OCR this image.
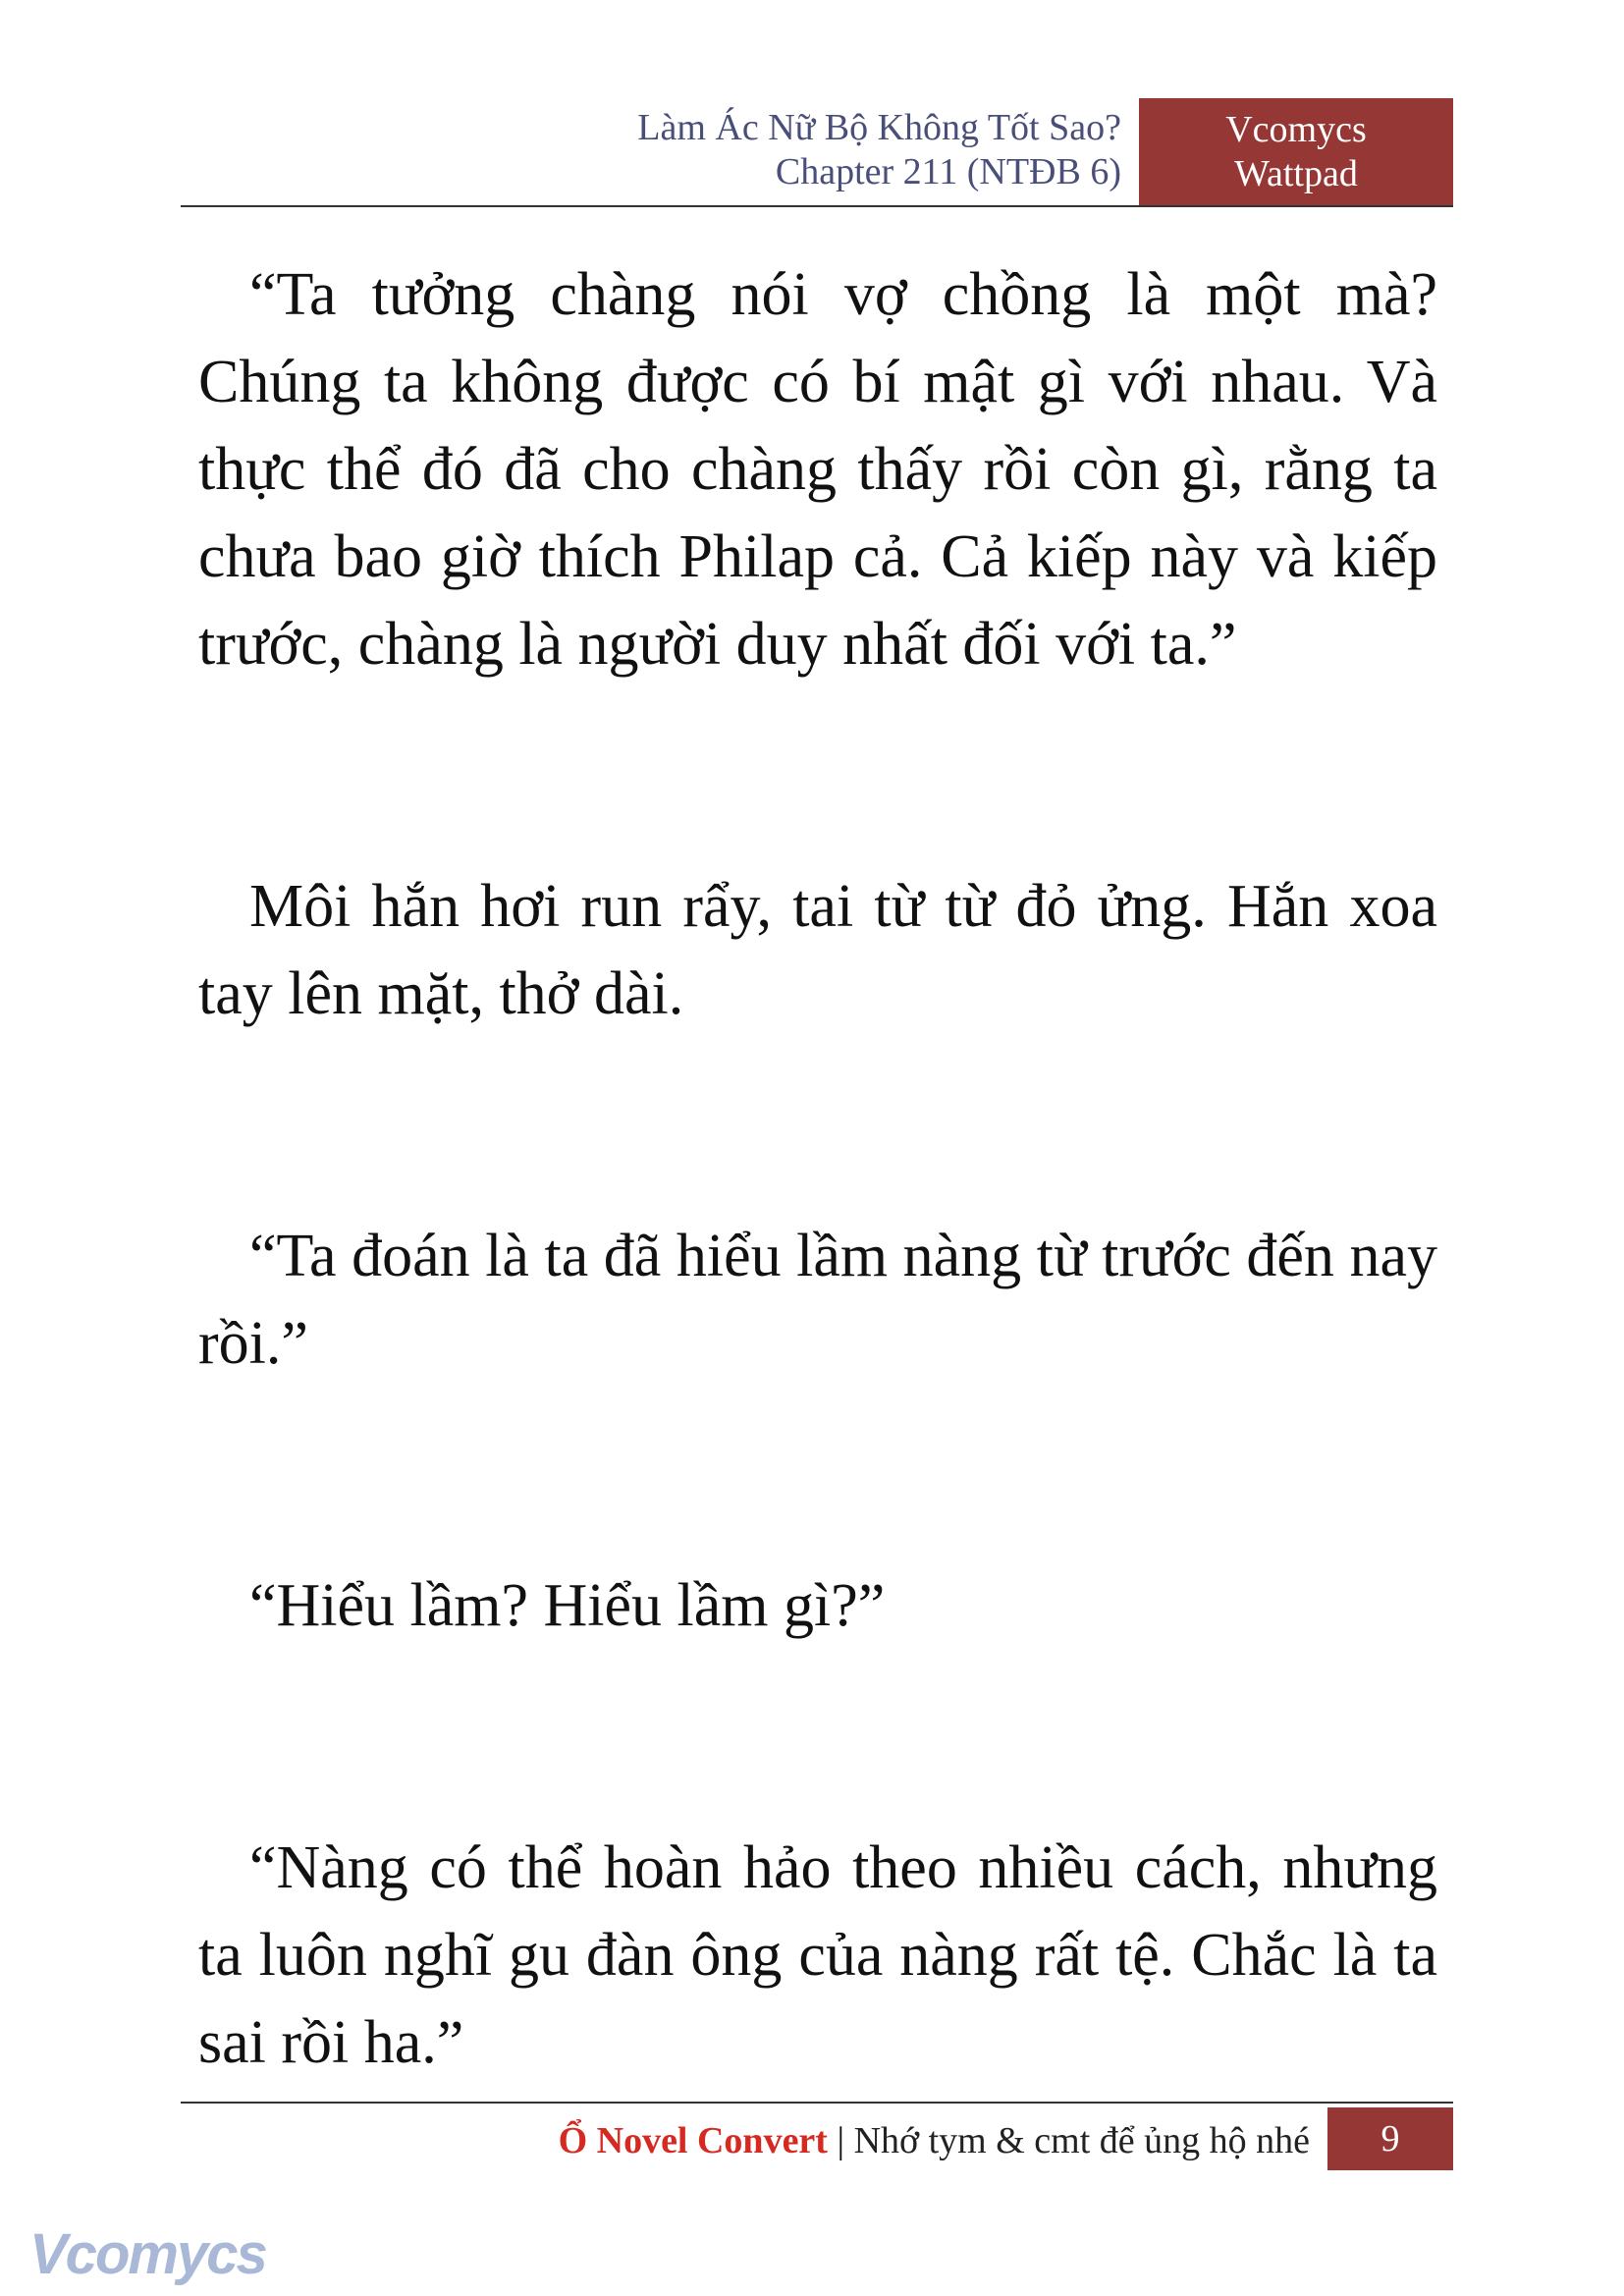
Làm Ác Nữ Bộ Không Tốt Sao?
Chapter 211 (NTĐB 6)
Vcomycs
Wattpad

“Ta tưởng chàng nói vợ chồng là một mà? Chúng ta không được có bí mật gì với nhau. Và thực thể đó đã cho chàng thấy rồi còn gì, rằng ta chưa bao giờ thích Philap cả. Cả kiếp này và kiếp trước, chàng là người duy nhất đối với ta.”

Môi hắn hơi run rẩy, tai từ từ đỏ ửng. Hắn xoa tay lên mặt, thở dài.

“Ta đoán là ta đã hiểu lầm nàng từ trước đến nay rồi.”

“Hiểu lầm? Hiểu lầm gì?”

“Nàng có thể hoàn hảo theo nhiều cách, nhưng ta luôn nghĩ gu đàn ông của nàng rất tệ. Chắc là ta sai rồi ha.”

Ổ Novel Convert | Nhớ tym & cmt để ủng hộ nhé	9
Vcomycs
